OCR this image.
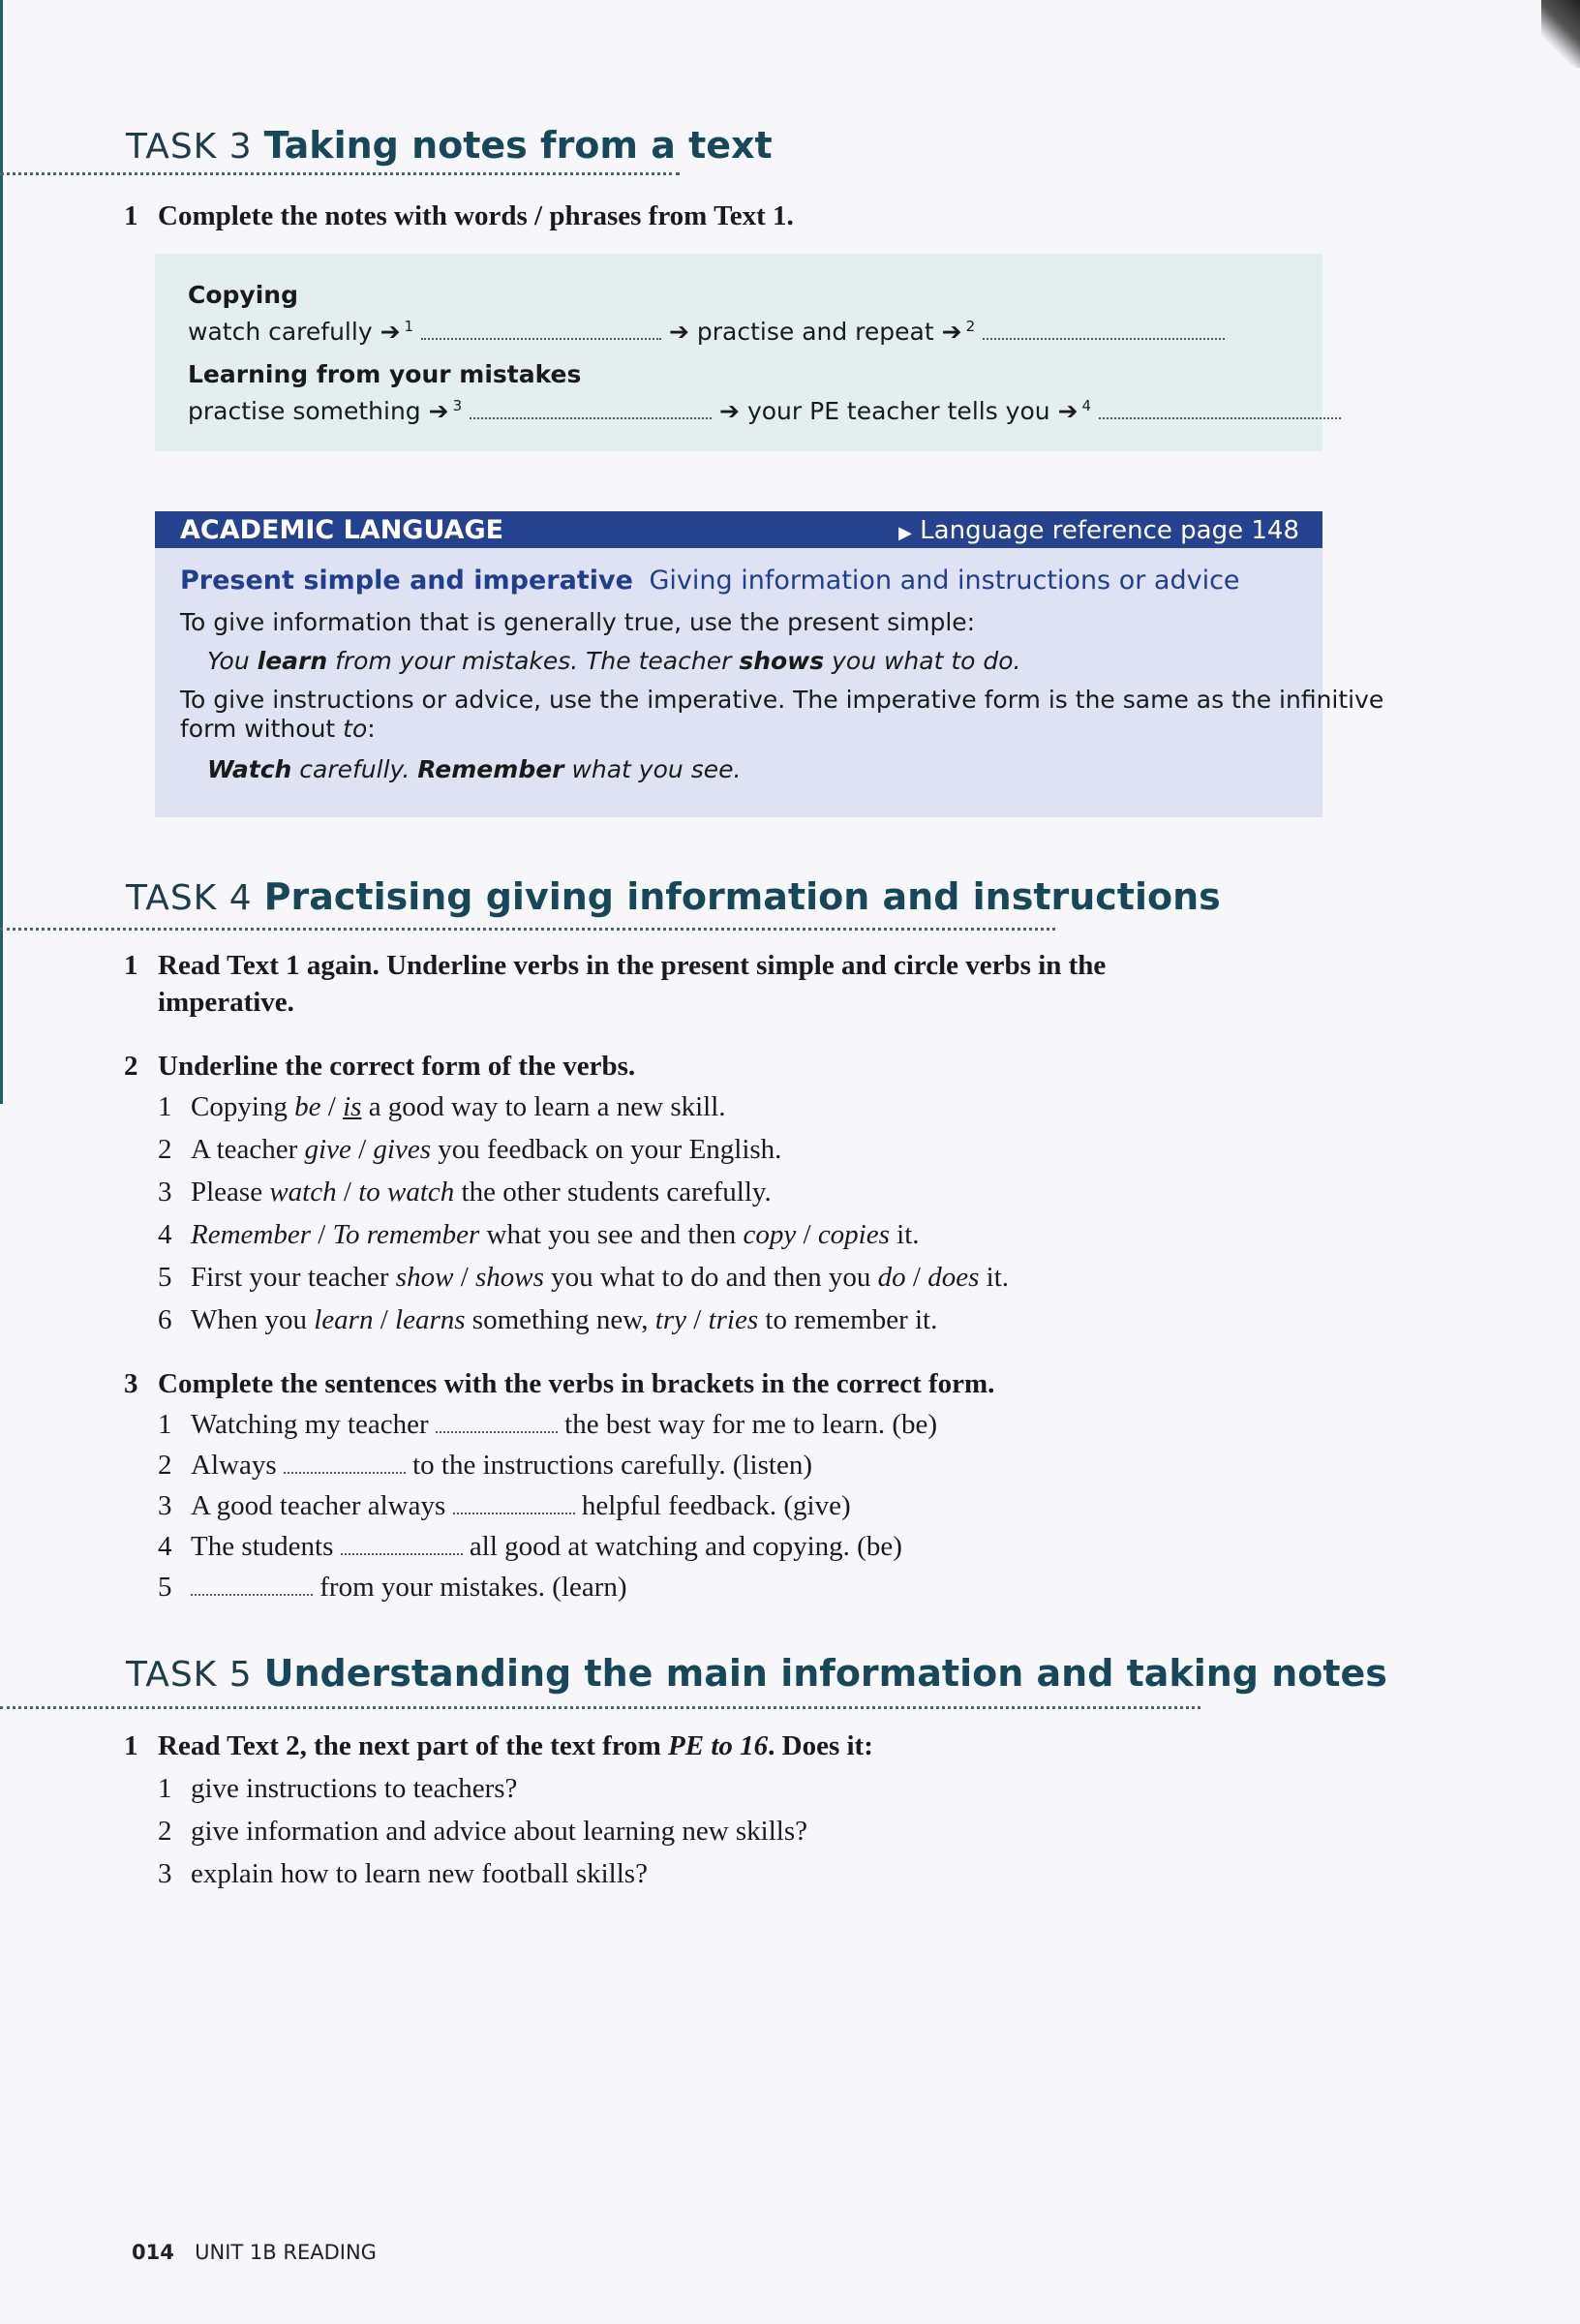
TASK 3 Taking notes from a text
1 Complete the notes with words / phrases from Text 1.
Copying
watch carefully ➔ $^1$	➔ practise and repeat ➔ $^2$
Learning from your mistakes
practise something ➔ $^3$	➔ your PE teacher tells you ➔ $^4$
ACADEMIC LANGUAGE	▶ Language reference page 148
Present simple and imperative Giving information and instructions or advice
To give information that is generally true, use the present simple:
You learn from your mistakes. The teacher shows you what to do.
To give instructions or advice, use the imperative. The imperative form is the same as the infinitive
form without to:
Watch carefully. Remember what you see.
TASK 4 Practising giving information and instructions
1 Read Text 1 again. Underline verbs in the present simple and circle verbs in the
imperative.
2 Underline the correct form of the verbs.
1 Copying be / is a good way to learn a new skill.
2 A teacher give / gives you feedback on your English.
3 Please watch / to watch the other students carefully.
4 Remember / To remember what you see and then copy / copies it.
5 First your teacher show / shows you what to do and then you do / does it.
6 When you learn / learns something new, try / tries to remember it.
3 Complete the sentences with the verbs in brackets in the correct form.
1 Watching my teacher	the best way for me to learn. (be)
2 Always	to the instructions carefully. (listen)
3 A good teacher always	helpful feedback. (give)
4 The students	all good at watching and copying. (be)
5	from your mistakes. (learn)
TASK 5 Understanding the main information and taking notes
1 Read Text 2, the next part of the text from PE to 16. Does it:
1 give instructions to teachers?
2 give information and advice about learning new skills?
3 explain how to learn new football skills?
014 UNIT 1B READING
